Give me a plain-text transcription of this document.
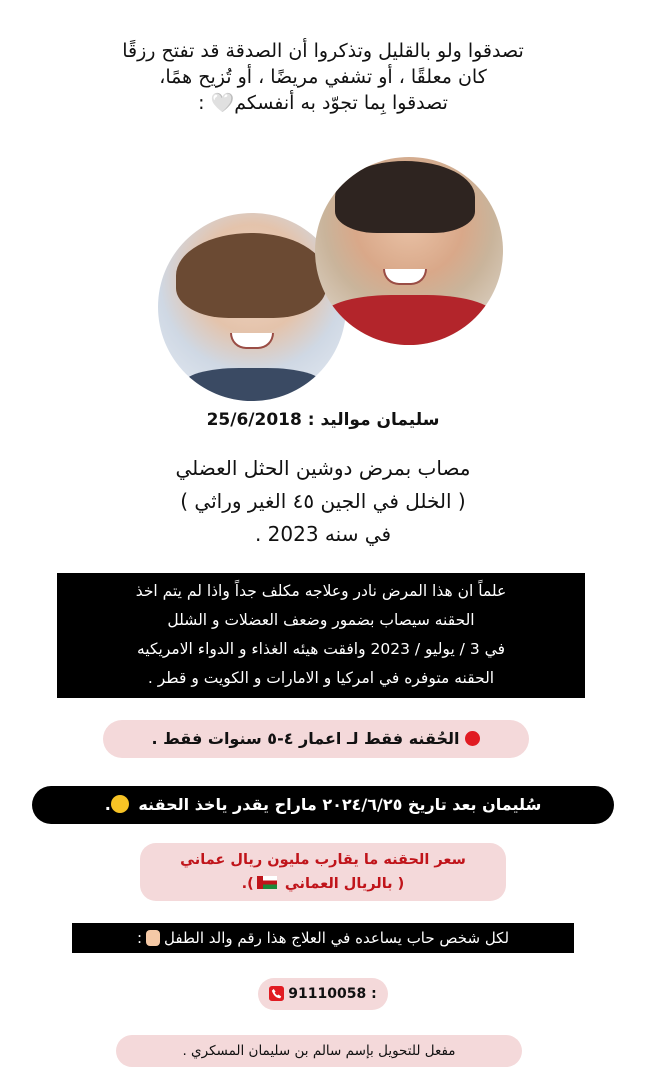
تصدقوا ولو بالقليل وتذكروا أن الصدقة قد تفتح رزقًا
كان معلقًا ، أو تشفي مريضًا ، أو تُزيح همًا،
تصدقوا بِما تجوّد به أنفسكم🤍 :
سليمان مواليد : 25/6/2018
مصاب بمرض دوشين الحثل العضلي
( الخلل في الجين ٤٥ الغير وراثي )
في سنه 2023 .
علماً ان هذا المرض نادر وعلاجه مكلف جداً واذا لم يتم اخذ
الحقنه سيصاب بضمور وضعف العضلات و الشلل
في 3 / يوليو / 2023 وافقت هيئه الغذاء و الدواء الامريكيه
الحقنه متوفره في امركيا و الامارات و الكويت و قطر .
الحُقنه فقط لـ اعمار ٤-٥ سنوات فقط .
سُليمان بعد تاريخ ٢٠٢٤/٦/٢٥ ماراح يقدر ياخذ الحقنه .
سعر الحقنه ما يقارب مليون ريال عماني
( بالريال العماني ).
لكل شخص حاب يساعده في العلاج هذا رقم والد الطفل:
91110058 :
مفعل للتحويل بإسم سالم بن سليمان المسكري .
